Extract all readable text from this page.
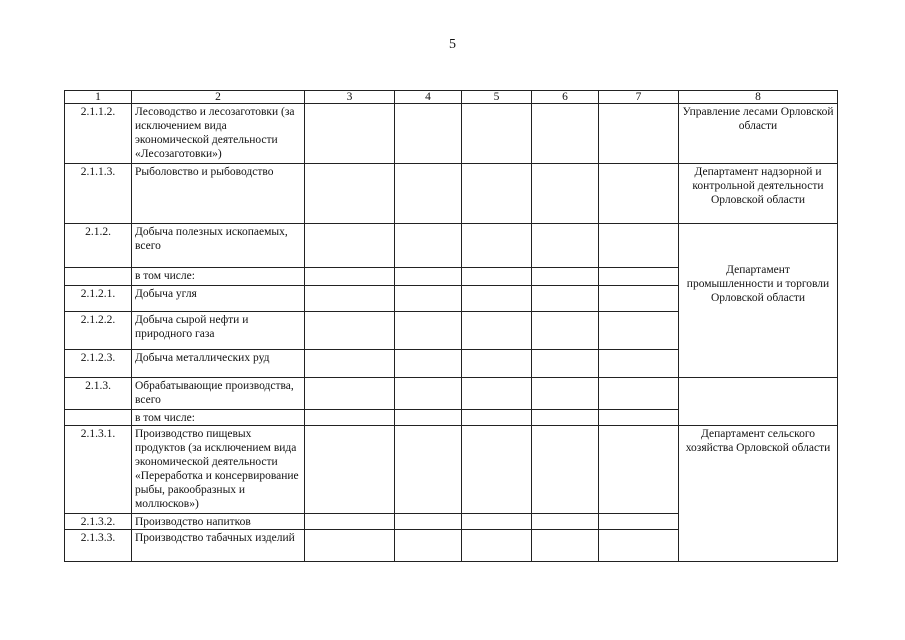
5
1	2	3	4	5	6	7	8
2.1.1.2.	Лесоводство и лесозаготовки (за исключением вида экономической деятельности «Лесозаготовки»)						Управление лесами Орловской области
2.1.1.3.	Рыболовство и рыбоводство						Департамент надзорной и контрольной деятельности Орловской области
2.1.2.	Добыча полезных ископаемых, всего						Департамент промышленности и торговли Орловской области

	в том числе:						
2.1.2.1.	Добыча угля						
2.1.2.2.	Добыча сырой нефти и природного газа						
2.1.2.3.	Добыча металлических руд						
2.1.3.	Обрабатывающие производства, всего						
	в том числе:						
2.1.3.1.	Производство пищевых продуктов (за исключением вида экономической деятельности «Переработка и консервирование рыбы, ракообразных и моллюсков»)						Департамент сельского хозяйства Орловской области
2.1.3.2.	Производство напитков						
2.1.3.3.	Производство табачных изделий						
